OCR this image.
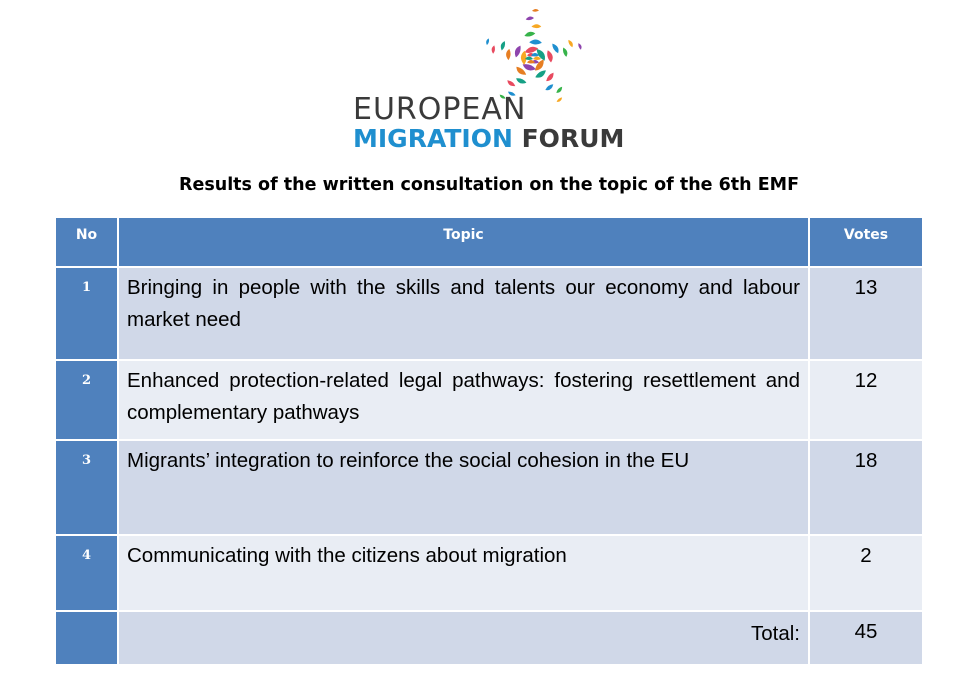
EUROPEAN
MIGRATION FORUM
Results of the written consultation on the topic of the 6th EMF
No	Topic	Votes
1	Bringing in people with the skills and talents our economy and labour market need	13
2	Enhanced protection-related legal pathways: fostering resettlement and complementary pathways	12
3	Migrants’ integration to reinforce the social cohesion in the EU	18
4	Communicating with the citizens about migration	2
	Total:	45
